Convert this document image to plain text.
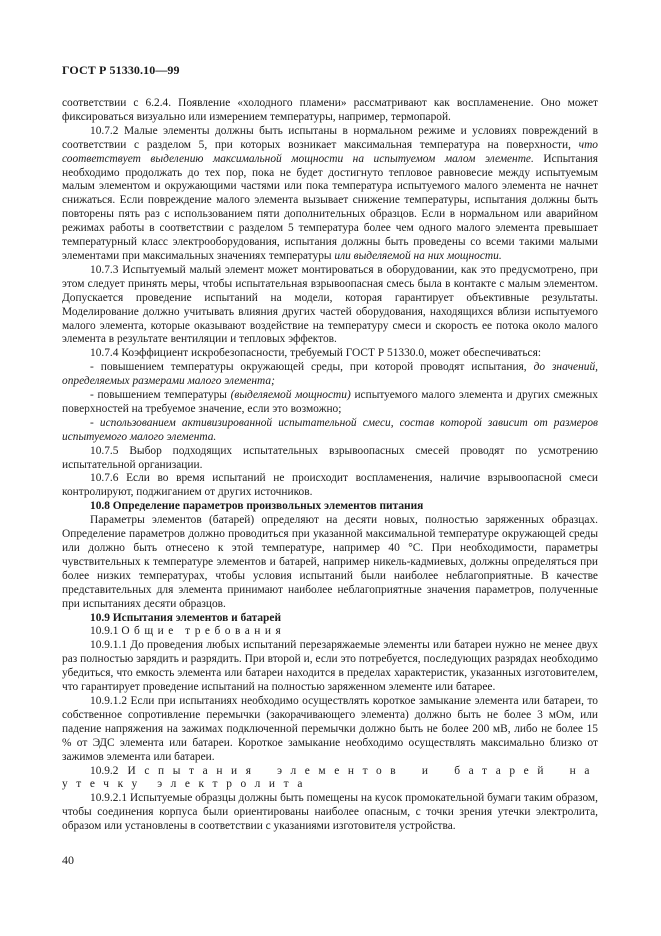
ГОСТ Р 51330.10—99

соответствии с 6.2.4. Появление «холодного пламени» рассматривают как воспламенение. Оно может фиксироваться визуально или измерением температуры, например, термопарой.

10.7.2 Малые элементы должны быть испытаны в нормальном режиме и условиях повреждений в соответствии с разделом 5, при которых возникает максимальная температура на поверхности, что соответствует выделению максимальной мощности на испытуемом малом элементе. Испытания необходимо продолжать до тех пор, пока не будет достигнуто тепловое равновесие между испытуемым малым элементом и окружающими частями или пока температура испытуемого малого элемента не начнет снижаться. Если повреждение малого элемента вызывает снижение температуры, испытания должны быть повторены пять раз с использованием пяти дополнительных образцов. Если в нормальном или аварийном режимах работы в соответствии с разделом 5 температура более чем одного малого элемента превышает температурный класс электрооборудования, испытания должны быть проведены со всеми такими малыми элементами при максимальных значениях температуры или выделяемой на них мощности.

10.7.3 Испытуемый малый элемент может монтироваться в оборудовании, как это предусмотрено, при этом следует принять меры, чтобы испытательная взрывоопасная смесь была в контакте с малым элементом. Допускается проведение испытаний на модели, которая гарантирует объективные результаты. Моделирование должно учитывать влияния других частей оборудования, находящихся вблизи испытуемого малого элемента, которые оказывают воздействие на температуру смеси и скорость ее потока около малого элемента в результате вентиляции и тепловых эффектов.

10.7.4 Коэффициент искробезопасности, требуемый ГОСТ Р 51330.0, может обеспечиваться:

- повышением температуры окружающей среды, при которой проводят испытания, до значений, определяемых размерами малого элемента;

- повышением температуры (выделяемой мощности) испытуемого малого элемента и других смежных поверхностей на требуемое значение, если это возможно;

- использованием активизированной испытательной смеси, состав которой зависит от размеров испытуемого малого элемента.

10.7.5 Выбор подходящих испытательных взрывоопасных смесей проводят по усмотрению испытательной организации.

10.7.6 Если во время испытаний не происходит воспламенения, наличие взрывоопасной смеси контролируют, поджиганием от других источников.

10.8 Определение параметров произвольных элементов питания

Параметры элементов (батарей) определяют на десяти новых, полностью заряженных образцах. Определение параметров должно проводиться при указанной максимальной температуре окружающей среды или должно быть отнесено к этой температуре, например 40 °С. При необходимости, параметры чувствительных к температуре элементов и батарей, например никель-кадмиевых, должны определяться при более низких температурах, чтобы условия испытаний были наиболее неблагоприятные. В качестве представительных для элемента принимают наиболее неблагоприятные значения параметров, полученные при испытаниях десяти образцов.

10.9 Испытания элементов и батарей

10.9.1 Общие требования

10.9.1.1 До проведения любых испытаний перезаряжаемые элементы или батареи нужно не менее двух раз полностью зарядить и разрядить. При второй и, если это потребуется, последующих разрядах необходимо убедиться, что емкость элемента или батареи находится в пределах характеристик, указанных изготовителем, что гарантирует проведение испытаний на полностью заряженном элементе или батарее.

10.9.1.2 Если при испытаниях необходимо осуществлять короткое замыкание элемента или батареи, то собственное сопротивление перемычки (закорачивающего элемента) должно быть не более 3 мОм, или падение напряжения на зажимах подключенной перемычки должно быть не более 200 мВ, либо не более 15 % от ЭДС элемента или батареи. Короткое замыкание необходимо осуществлять максимально близко от зажимов элемента или батареи.

10.9.2 Испытания элементов и батарей на утечку электролита

10.9.2.1 Испытуемые образцы должны быть помещены на кусок промокательной бумаги таким образом, чтобы соединения корпуса были ориентированы наиболее опасным, с точки зрения утечки электролита, образом или установлены в соответствии с указаниями изготовителя устройства.

40
